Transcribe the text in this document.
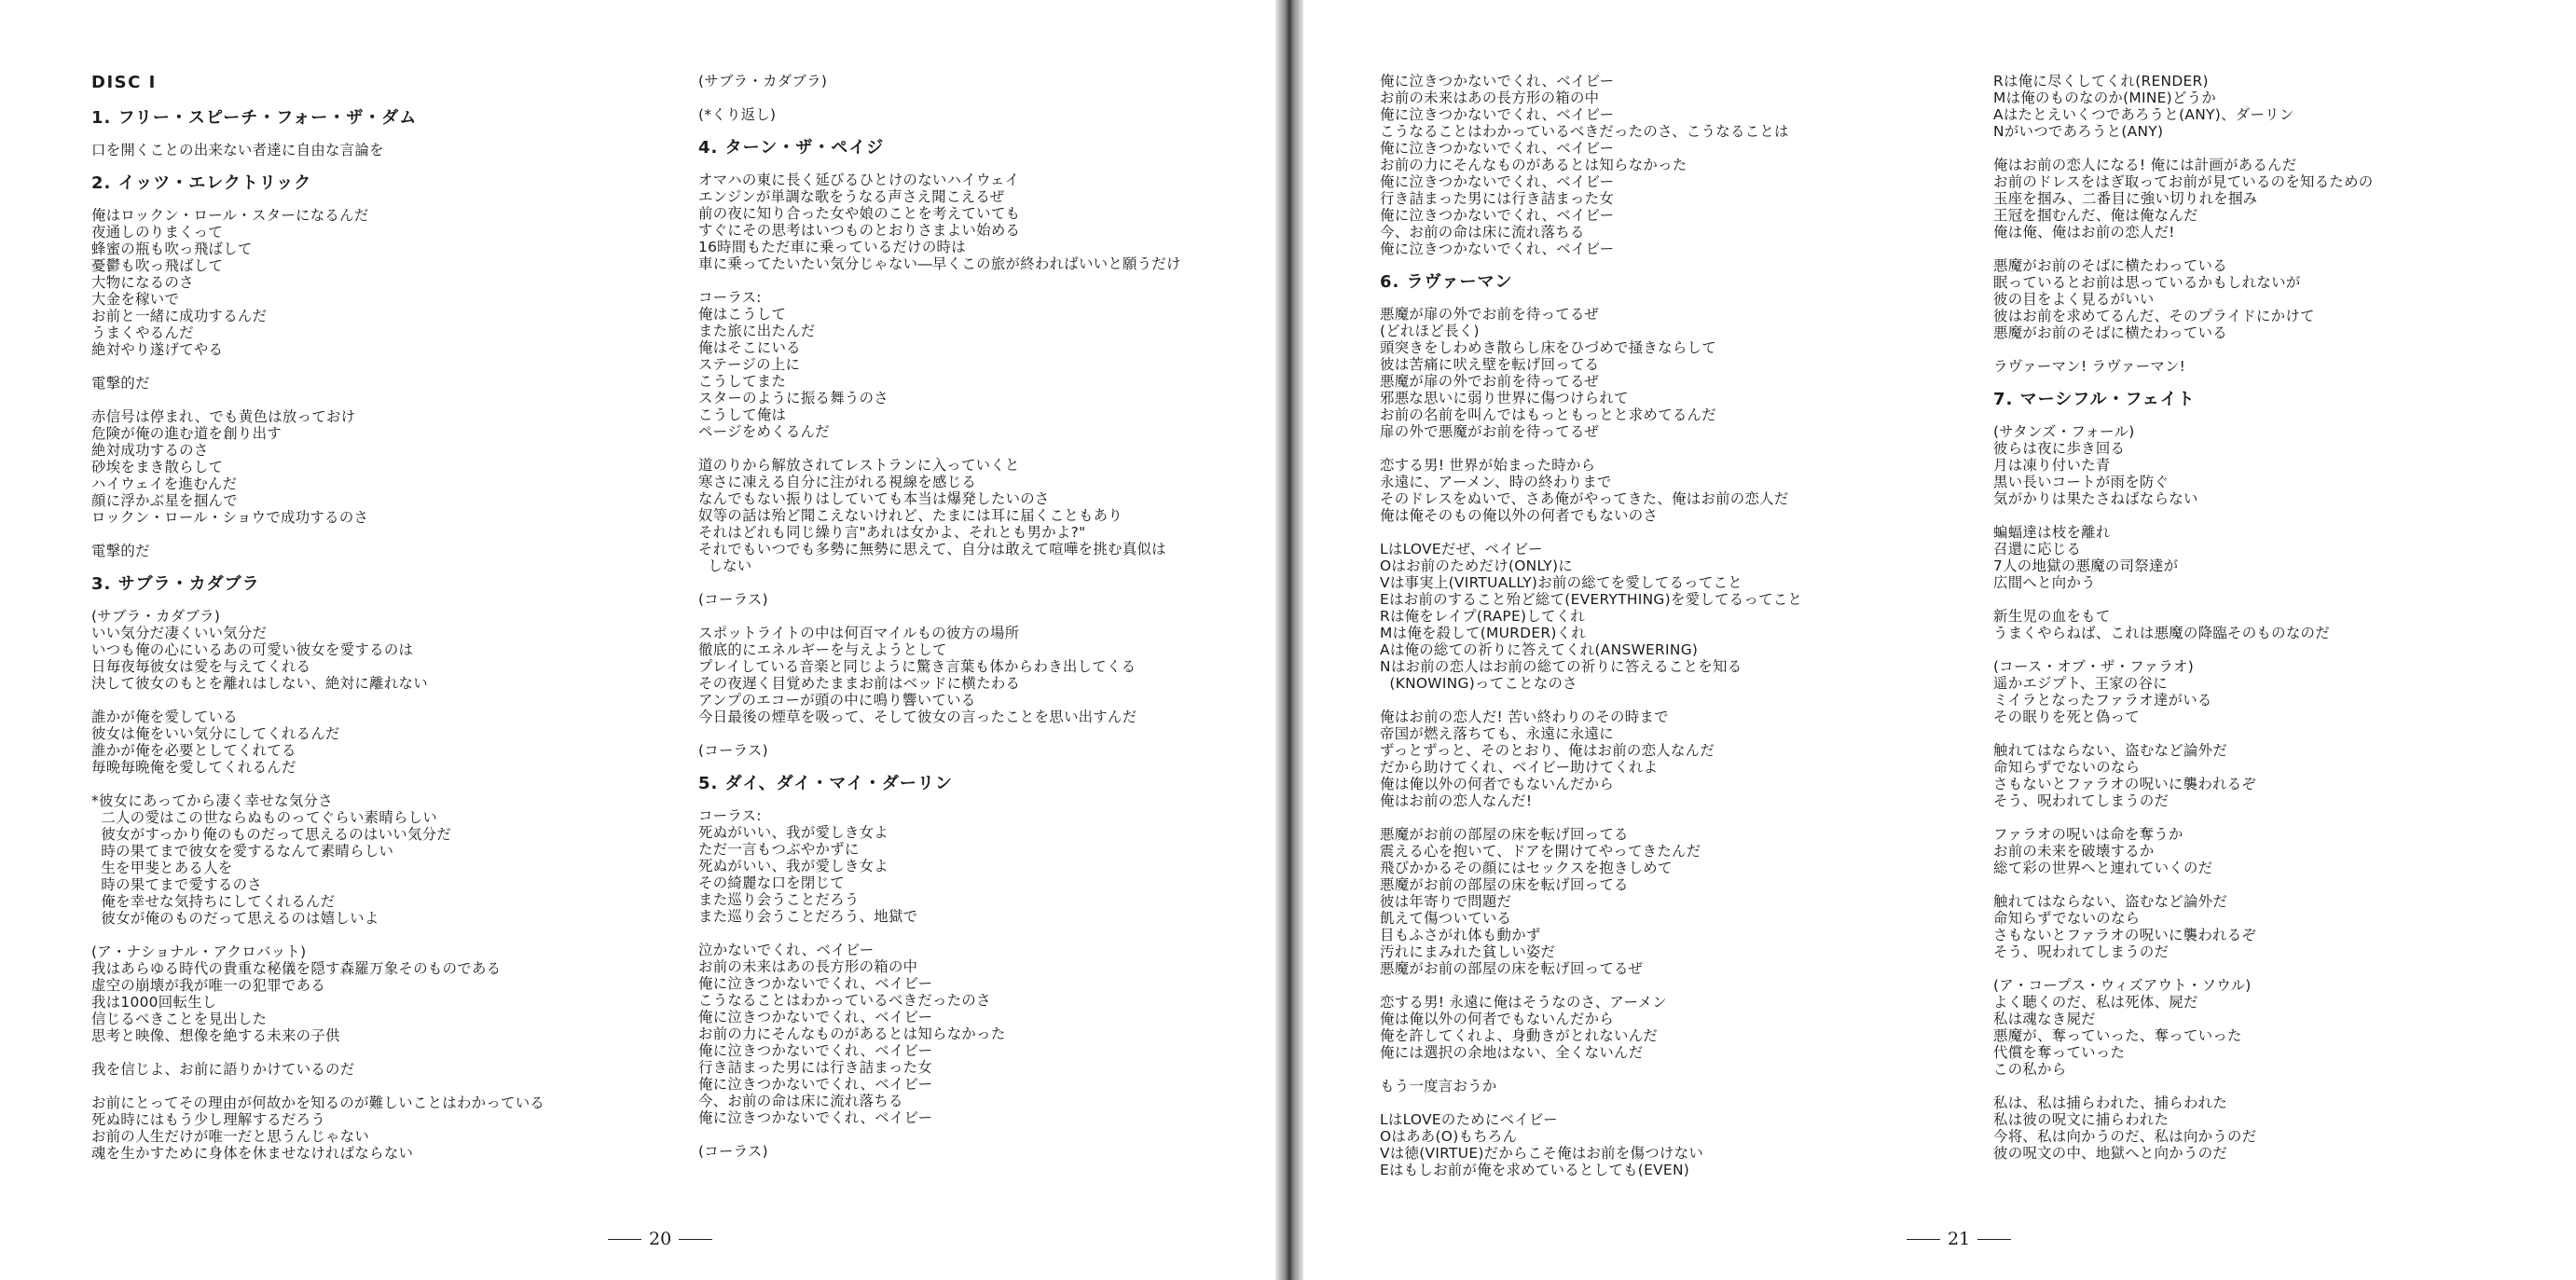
DISC I
1. フリー・スピーチ・フォー・ザ・ダム
口を開くことの出来ない者達に自由な言論を
2. イッツ・エレクトリック
俺はロックン・ロール・スターになるんだ
夜通しのりまくって
蜂蜜の瓶も吹っ飛ばして
憂鬱も吹っ飛ばして
大物になるのさ
大金を稼いで
お前と一緒に成功するんだ
うまくやるんだ
絶対やり遂げてやる
電撃的だ
赤信号は停まれ、でも黄色は放っておけ
危険が俺の進む道を創り出す
絶対成功するのさ
砂埃をまき散らして
ハイウェイを進むんだ
顔に浮かぶ星を掴んで
ロックン・ロール・ショウで成功するのさ
電撃的だ
3. サブラ・カダブラ
(サブラ・カダブラ)
いい気分だ凄くいい気分だ
いつも俺の心にいるあの可愛い彼女を愛するのは
日毎夜毎彼女は愛を与えてくれる
決して彼女のもとを離れはしない、絶対に離れない
誰かが俺を愛している
彼女は俺をいい気分にしてくれるんだ
誰かが俺を必要としてくれてる
毎晩毎晩俺を愛してくれるんだ
*彼女にあってから凄く幸せな気分さ
二人の愛はこの世ならぬものってぐらい素晴らしい
彼女がすっかり俺のものだって思えるのはいい気分だ
時の果てまで彼女を愛するなんて素晴らしい
生を甲斐とある人を
時の果てまで愛するのさ
俺を幸せな気持ちにしてくれるんだ
彼女が俺のものだって思えるのは嬉しいよ
(ア・ナショナル・アクロバット)
我はあらゆる時代の貴重な秘儀を隠す森羅万象そのものである
虚空の崩壊が我が唯一の犯罪である
我は1000回転生し
信じるべきことを見出した
思考と映像、想像を絶する未来の子供
我を信じよ、お前に語りかけているのだ
お前にとってその理由が何故かを知るのが難しいことはわかっている
死ぬ時にはもう少し理解するだろう
お前の人生だけが唯一だと思うんじゃない
魂を生かすために身体を休ませなければならない
(サブラ・カダブラ)
(*くり返し)
4. ターン・ザ・ペイジ
オマハの東に長く延びるひとけのないハイウェイ
エンジンが単調な歌をうなる声さえ聞こえるぜ
前の夜に知り合った女や娘のことを考えていても
すぐにその思考はいつものとおりさまよい始める
16時間もただ車に乗っているだけの時は
車に乗ってたいたい気分じゃない―早くこの旅が終わればいいと願うだけ
コーラス:
俺はこうして
また旅に出たんだ
俺はそこにいる
ステージの上に
こうしてまた
スターのように振る舞うのさ
こうして俺は
ページをめくるんだ
道のりから解放されてレストランに入っていくと
寒さに凍える自分に注がれる視線を感じる
なんでもない振りはしていても本当は爆発したいのさ
奴等の話は殆ど聞こえないけれど、たまには耳に届くこともあり
それはどれも同じ繰り言"あれは女かよ、それとも男かよ?"
それでもいつでも多勢に無勢に思えて、自分は敢えて喧嘩を挑む真似は
しない
(コーラス)
スポットライトの中は何百マイルもの彼方の場所
徹底的にエネルギーを与えようとして
プレイしている音楽と同じように驚き言葉も体からわき出してくる
その夜遅く目覚めたままお前はベッドに横たわる
アンプのエコーが頭の中に鳴り響いている
今日最後の煙草を吸って、そして彼女の言ったことを思い出すんだ
(コーラス)
5. ダイ、ダイ・マイ・ダーリン
コーラス:
死ぬがいい、我が愛しき女よ
ただ一言もつぶやかずに
死ぬがいい、我が愛しき女よ
その綺麗な口を閉じて
また巡り会うことだろう
また巡り会うことだろう、地獄で
泣かないでくれ、ベイビー
お前の未来はあの長方形の箱の中
俺に泣きつかないでくれ、ベイビー
こうなることはわかっているべきだったのさ
俺に泣きつかないでくれ、ベイビー
お前の力にそんなものがあるとは知らなかった
俺に泣きつかないでくれ、ベイビー
行き詰まった男には行き詰まった女
俺に泣きつかないでくれ、ベイビー
今、お前の命は床に流れ落ちる
俺に泣きつかないでくれ、ベイビー
(コーラス)
20
俺に泣きつかないでくれ、ベイビー
お前の未来はあの長方形の箱の中
俺に泣きつかないでくれ、ベイビー
こうなることはわかっているべきだったのさ、こうなることは
俺に泣きつかないでくれ、ベイビー
お前の力にそんなものがあるとは知らなかった
俺に泣きつかないでくれ、ベイビー
行き詰まった男には行き詰まった女
俺に泣きつかないでくれ、ベイビー
今、お前の命は床に流れ落ちる
俺に泣きつかないでくれ、ベイビー
6. ラヴァーマン
悪魔が扉の外でお前を待ってるぜ
(どれほど長く)
頭突きをしわめき散らし床をひづめで掻きならして
彼は苦痛に吠え壁を転げ回ってる
悪魔が扉の外でお前を待ってるぜ
邪悪な思いに弱り世界に傷つけられて
お前の名前を叫んではもっともっとと求めてるんだ
扉の外で悪魔がお前を待ってるぜ
恋する男! 世界が始まった時から
永遠に、アーメン、時の終わりまで
そのドレスをぬいで、さあ俺がやってきた、俺はお前の恋人だ
俺は俺そのもの俺以外の何者でもないのさ
LはLOVEだぜ、ベイビー
Oはお前のためだけ(ONLY)に
Vは事実上(VIRTUALLY)お前の総てを愛してるってこと
Eはお前のすること殆ど総て(EVERYTHING)を愛してるってこと
Rは俺をレイプ(RAPE)してくれ
Mは俺を殺して(MURDER)くれ
Aは俺の総ての祈りに答えてくれ(ANSWERING)
Nはお前の恋人はお前の総ての祈りに答えることを知る
(KNOWING)ってことなのさ
俺はお前の恋人だ! 苦い終わりのその時まで
帝国が燃え落ちても、永遠に永遠に
ずっとずっと、そのとおり、俺はお前の恋人なんだ
だから助けてくれ、ベイビー助けてくれよ
俺は俺以外の何者でもないんだから
俺はお前の恋人なんだ!
悪魔がお前の部屋の床を転げ回ってる
震える心を抱いて、ドアを開けてやってきたんだ
飛びかかるその顔にはセックスを抱きしめて
悪魔がお前の部屋の床を転げ回ってる
彼は年寄りで問題だ
飢えて傷ついている
目もふさがれ体も動かず
汚れにまみれた貧しい姿だ
悪魔がお前の部屋の床を転げ回ってるぜ
恋する男! 永遠に俺はそうなのさ、アーメン
俺は俺以外の何者でもないんだから
俺を許してくれよ、身動きがとれないんだ
俺には選択の余地はない、全くないんだ
もう一度言おうか
LはLOVEのためにベイビー
Oはああ(O)もちろん
Vは徳(VIRTUE)だからこそ俺はお前を傷つけない
Eはもしお前が俺を求めているとしても(EVEN)
Rは俺に尽くしてくれ(RENDER)
Mは俺のものなのか(MINE)どうか
Aはたとえいくつであろうと(ANY)、ダーリン
Nがいつであろうと(ANY)
俺はお前の恋人になる! 俺には計画があるんだ
お前のドレスをはぎ取ってお前が見ているのを知るための
玉座を掴み、二番目に強い切りれを掴み
王冠を掴むんだ、俺は俺なんだ
俺は俺、俺はお前の恋人だ!
悪魔がお前のそばに横たわっている
眠っているとお前は思っているかもしれないが
彼の目をよく見るがいい
彼はお前を求めてるんだ、そのプライドにかけて
悪魔がお前のそばに横たわっている
ラヴァーマン! ラヴァーマン!
7. マーシフル・フェイト
(サタンズ・フォール)
彼らは夜に歩き回る
月は凍り付いた青
黒い長いコートが雨を防ぐ
気がかりは果たさねばならない
蝙蝠達は枝を離れ
召還に応じる
7人の地獄の悪魔の司祭達が
広間へと向かう
新生児の血をもて
うまくやらねば、これは悪魔の降臨そのものなのだ
(コース・オブ・ザ・ファラオ)
遥かエジプト、王家の谷に
ミイラとなったファラオ達がいる
その眠りを死と偽って
触れてはならない、盗むなど論外だ
命知らずでないのなら
さもないとファラオの呪いに襲われるぞ
そう、呪われてしまうのだ
ファラオの呪いは命を奪うか
お前の未来を破壊するか
総て彩の世界へと連れていくのだ
触れてはならない、盗むなど論外だ
命知らずでないのなら
さもないとファラオの呪いに襲われるぞ
そう、呪われてしまうのだ
(ア・コープス・ウィズアウト・ソウル)
よく聴くのだ、私は死体、屍だ
私は魂なき屍だ
悪魔が、奪っていった、奪っていった
代償を奪っていった
この私から
私は、私は捕らわれた、捕らわれた
私は彼の呪文に捕らわれた
今将、私は向かうのだ、私は向かうのだ
彼の呪文の中、地獄へと向かうのだ
21
